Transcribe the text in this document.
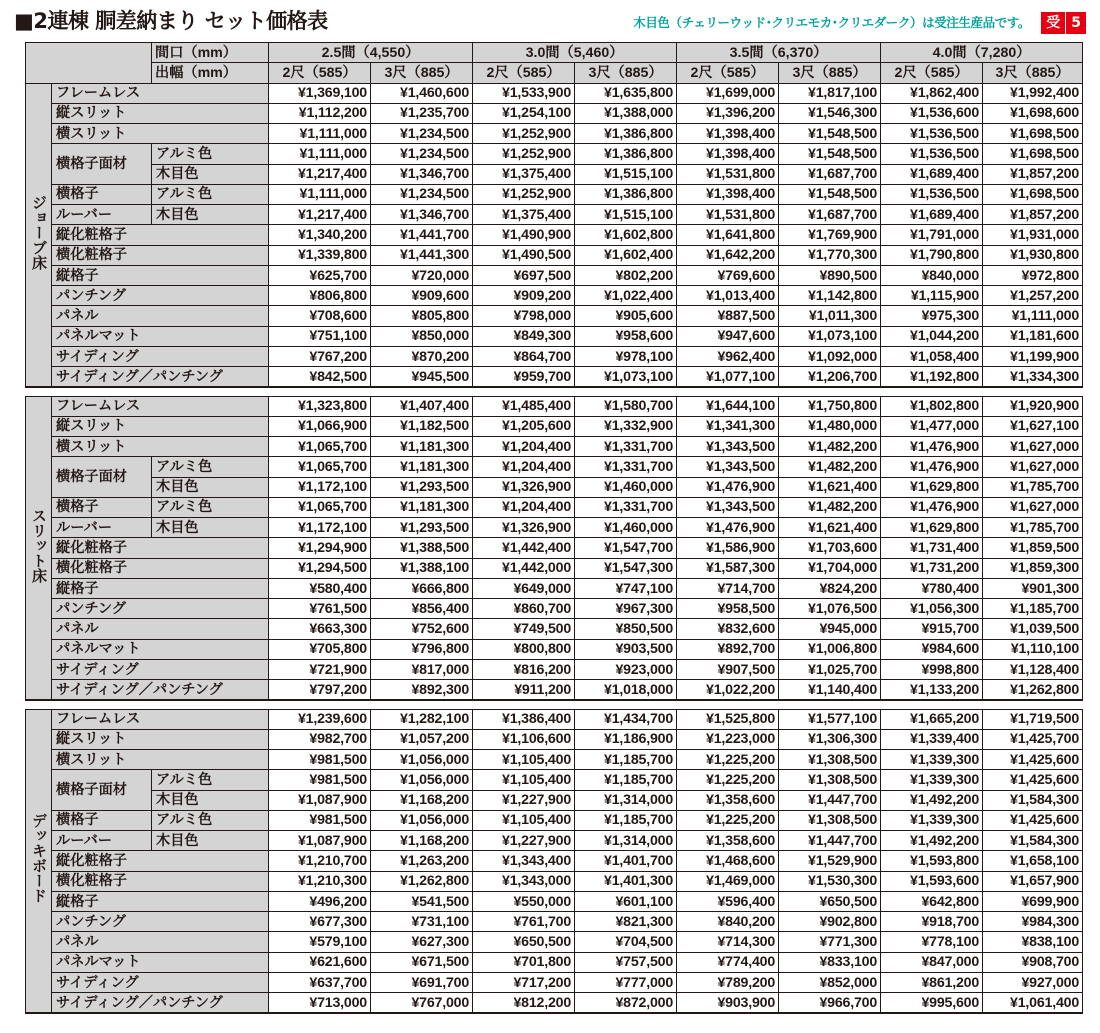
■2連棟 胴差納まり セット価格表	木目色（チェリーウッド･クリエモカ･クリエダーク）は受注生産品です。	受 5
		間口（mm）	2.5間（4,550）		3.0間（5,460）		3.5間（6,370）		4.0間（7,280）	
		出幅（mm）	2尺（585）	3尺（885）	2尺（585）	3尺（885）	2尺（585）	3尺（885）	2尺（585）	3尺（885）
ジョーブ床	フレームレス		¥1,369,100	¥1,460,600	¥1,533,900	¥1,635,800	¥1,699,000	¥1,817,100	¥1,862,400	¥1,992,400
	縦スリット		¥1,112,200	¥1,235,700	¥1,254,100	¥1,388,000	¥1,396,200	¥1,546,300	¥1,536,600	¥1,698,600
	横スリット		¥1,111,000	¥1,234,500	¥1,252,900	¥1,386,800	¥1,398,400	¥1,548,500	¥1,536,500	¥1,698,500
	横格子面材	アルミ色	¥1,111,000	¥1,234,500	¥1,252,900	¥1,386,800	¥1,398,400	¥1,548,500	¥1,536,500	¥1,698,500
		木目色	¥1,217,400	¥1,346,700	¥1,375,400	¥1,515,100	¥1,531,800	¥1,687,700	¥1,689,400	¥1,857,200
	横格子	アルミ色	¥1,111,000	¥1,234,500	¥1,252,900	¥1,386,800	¥1,398,400	¥1,548,500	¥1,536,500	¥1,698,500
	ルーバー	木目色	¥1,217,400	¥1,346,700	¥1,375,400	¥1,515,100	¥1,531,800	¥1,687,700	¥1,689,400	¥1,857,200
	縦化粧格子		¥1,340,200	¥1,441,700	¥1,490,900	¥1,602,800	¥1,641,800	¥1,769,900	¥1,791,000	¥1,931,000
	横化粧格子		¥1,339,800	¥1,441,300	¥1,490,500	¥1,602,400	¥1,642,200	¥1,770,300	¥1,790,800	¥1,930,800
	縦格子		¥625,700	¥720,000	¥697,500	¥802,200	¥769,600	¥890,500	¥840,000	¥972,800
	パンチング		¥806,800	¥909,600	¥909,200	¥1,022,400	¥1,013,400	¥1,142,800	¥1,115,900	¥1,257,200
	パネル		¥708,600	¥805,800	¥798,000	¥905,600	¥887,500	¥1,011,300	¥975,300	¥1,111,000
	パネルマット		¥751,100	¥850,000	¥849,300	¥958,600	¥947,600	¥1,073,100	¥1,044,200	¥1,181,600
	サイディング		¥767,200	¥870,200	¥864,700	¥978,100	¥962,400	¥1,092,000	¥1,058,400	¥1,199,900
	サイディング／パンチング		¥842,500	¥945,500	¥959,700	¥1,073,100	¥1,077,100	¥1,206,700	¥1,192,800	¥1,334,300

スリット床	フレームレス		¥1,323,800	¥1,407,400	¥1,485,400	¥1,580,700	¥1,644,100	¥1,750,800	¥1,802,800	¥1,920,900
	縦スリット		¥1,066,900	¥1,182,500	¥1,205,600	¥1,332,900	¥1,341,300	¥1,480,000	¥1,477,000	¥1,627,100
	横スリット		¥1,065,700	¥1,181,300	¥1,204,400	¥1,331,700	¥1,343,500	¥1,482,200	¥1,476,900	¥1,627,000
	横格子面材	アルミ色	¥1,065,700	¥1,181,300	¥1,204,400	¥1,331,700	¥1,343,500	¥1,482,200	¥1,476,900	¥1,627,000
		木目色	¥1,172,100	¥1,293,500	¥1,326,900	¥1,460,000	¥1,476,900	¥1,621,400	¥1,629,800	¥1,785,700
	横格子	アルミ色	¥1,065,700	¥1,181,300	¥1,204,400	¥1,331,700	¥1,343,500	¥1,482,200	¥1,476,900	¥1,627,000
	ルーバー	木目色	¥1,172,100	¥1,293,500	¥1,326,900	¥1,460,000	¥1,476,900	¥1,621,400	¥1,629,800	¥1,785,700
	縦化粧格子		¥1,294,900	¥1,388,500	¥1,442,400	¥1,547,700	¥1,586,900	¥1,703,600	¥1,731,400	¥1,859,500
	横化粧格子		¥1,294,500	¥1,388,100	¥1,442,000	¥1,547,300	¥1,587,300	¥1,704,000	¥1,731,200	¥1,859,300
	縦格子		¥580,400	¥666,800	¥649,000	¥747,100	¥714,700	¥824,200	¥780,400	¥901,300
	パンチング		¥761,500	¥856,400	¥860,700	¥967,300	¥958,500	¥1,076,500	¥1,056,300	¥1,185,700
	パネル		¥663,300	¥752,600	¥749,500	¥850,500	¥832,600	¥945,000	¥915,700	¥1,039,500
	パネルマット		¥705,800	¥796,800	¥800,800	¥903,500	¥892,700	¥1,006,800	¥984,600	¥1,110,100
	サイディング		¥721,900	¥817,000	¥816,200	¥923,000	¥907,500	¥1,025,700	¥998,800	¥1,128,400
	サイディング／パンチング		¥797,200	¥892,300	¥911,200	¥1,018,000	¥1,022,200	¥1,140,400	¥1,133,200	¥1,262,800

デッキボード	フレームレス		¥1,239,600	¥1,282,100	¥1,386,400	¥1,434,700	¥1,525,800	¥1,577,100	¥1,665,200	¥1,719,500
	縦スリット		¥982,700	¥1,057,200	¥1,106,600	¥1,186,900	¥1,223,000	¥1,306,300	¥1,339,400	¥1,425,700
	横スリット		¥981,500	¥1,056,000	¥1,105,400	¥1,185,700	¥1,225,200	¥1,308,500	¥1,339,300	¥1,425,600
	横格子面材	アルミ色	¥981,500	¥1,056,000	¥1,105,400	¥1,185,700	¥1,225,200	¥1,308,500	¥1,339,300	¥1,425,600
		木目色	¥1,087,900	¥1,168,200	¥1,227,900	¥1,314,000	¥1,358,600	¥1,447,700	¥1,492,200	¥1,584,300
	横格子	アルミ色	¥981,500	¥1,056,000	¥1,105,400	¥1,185,700	¥1,225,200	¥1,308,500	¥1,339,300	¥1,425,600
	ルーバー	木目色	¥1,087,900	¥1,168,200	¥1,227,900	¥1,314,000	¥1,358,600	¥1,447,700	¥1,492,200	¥1,584,300
	縦化粧格子		¥1,210,700	¥1,263,200	¥1,343,400	¥1,401,700	¥1,468,600	¥1,529,900	¥1,593,800	¥1,658,100
	横化粧格子		¥1,210,300	¥1,262,800	¥1,343,000	¥1,401,300	¥1,469,000	¥1,530,300	¥1,593,600	¥1,657,900
	縦格子		¥496,200	¥541,500	¥550,000	¥601,100	¥596,400	¥650,500	¥642,800	¥699,900
	パンチング		¥677,300	¥731,100	¥761,700	¥821,300	¥840,200	¥902,800	¥918,700	¥984,300
	パネル		¥579,100	¥627,300	¥650,500	¥704,500	¥714,300	¥771,300	¥778,100	¥838,100
	パネルマット		¥621,600	¥671,500	¥701,800	¥757,500	¥774,400	¥833,100	¥847,000	¥908,700
	サイディング		¥637,700	¥691,700	¥717,200	¥777,000	¥789,200	¥852,000	¥861,200	¥927,000
	サイディング／パンチング		¥713,000	¥767,000	¥812,200	¥872,000	¥903,900	¥966,700	¥995,600	¥1,061,400
